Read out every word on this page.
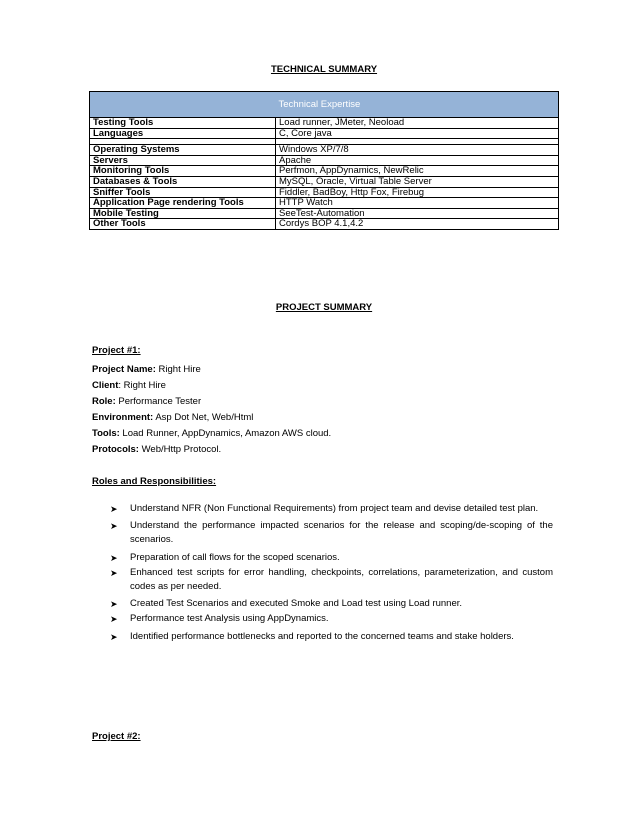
TECHNICAL SUMMARY
	Technical Expertise
Testing Tools	Load runner, JMeter, Neoload
Languages	C, Core java

Operating Systems	Windows XP/7/8
Servers	Apache
Monitoring Tools	Perfmon, AppDynamics, NewRelic
Databases & Tools	MySQL, Oracle, Virtual Table Server
Sniffer Tools	Fiddler, BadBoy, Http Fox, Firebug
Application Page rendering Tools	HTTP Watch
Mobile Testing	SeeTest-Automation
Other Tools	Cordys BOP 4.1,4.2
PROJECT SUMMARY
Project #1:
Project Name: Right Hire
Client: Right Hire
Role: Performance Tester
Environment: Asp Dot Net, Web/Html
Tools: Load Runner, AppDynamics, Amazon AWS cloud.
Protocols: Web/Http Protocol.
Roles and Responsibilities:
➤ Understand NFR (Non Functional Requirements) from project team and devise detailed test plan.
➤ Understand the performance impacted scenarios for the release and scoping/de-scoping of the scenarios.
➤ Preparation of call flows for the scoped scenarios.
➤ Enhanced test scripts for error handling, checkpoints, correlations, parameterization, and custom codes as per needed.
➤ Created Test Scenarios and executed Smoke and Load test using Load runner.
➤ Performance test Analysis using AppDynamics.
➤ Identified performance bottlenecks and reported to the concerned teams and stake holders.
Project #2:
